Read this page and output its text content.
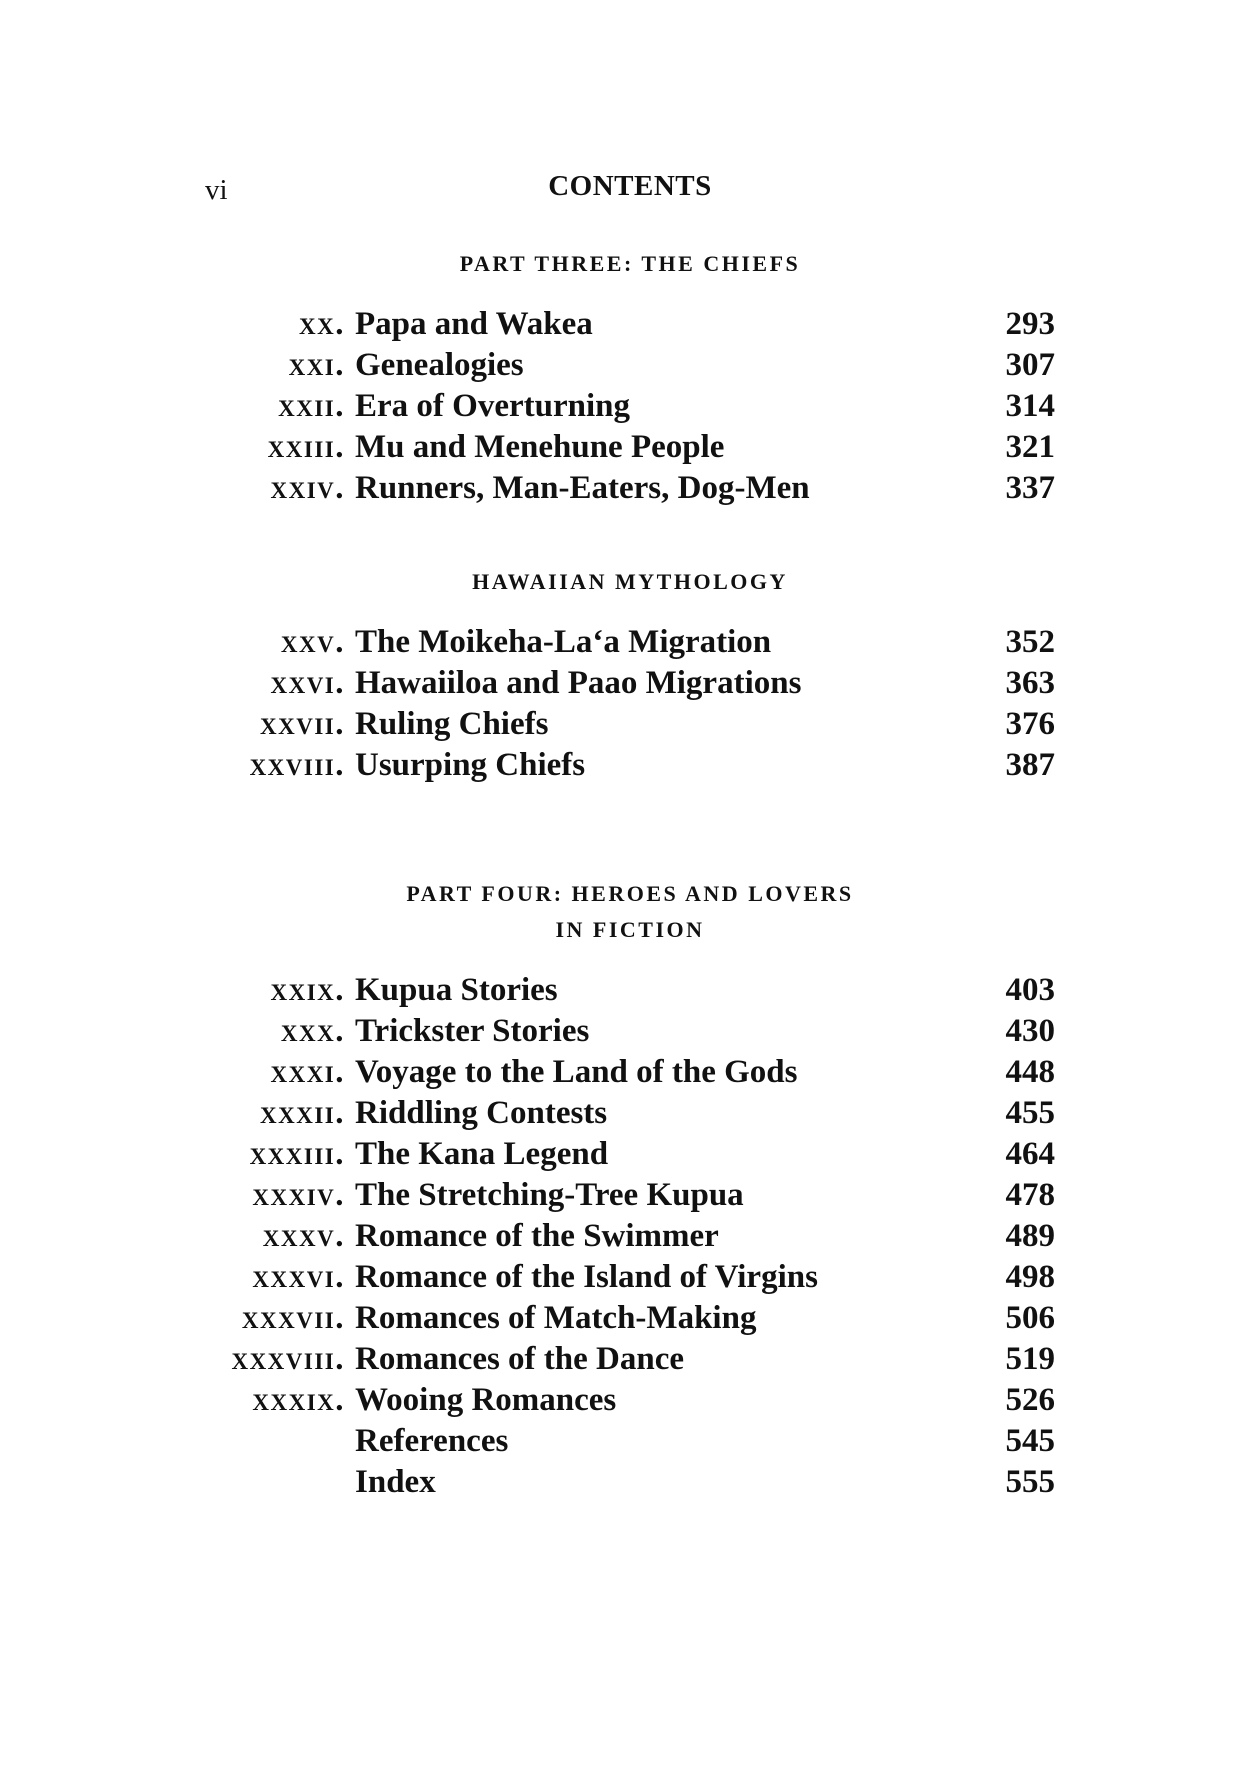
vi	CONTENTS
PART THREE: THE CHIEFS
xx. Papa and Wakea	293
xxi. Genealogies	307
xxii. Era of Overturning	314
xxiii. Mu and Menehune People	321
xxiv. Runners, Man-Eaters, Dog-Men	337
HAWAIIAN MYTHOLOGY
xxv. The Moikeha-La‘a Migration	352
xxvi. Hawaiiloa and Paao Migrations	363
xxvii. Ruling Chiefs	376
xxviii. Usurping Chiefs	387
PART FOUR: HEROES AND LOVERS
IN FICTION
xxix. Kupua Stories	403
xxx. Trickster Stories	430
xxxi. Voyage to the Land of the Gods	448
xxxii. Riddling Contests	455
xxxiii. The Kana Legend	464
xxxiv. The Stretching-Tree Kupua	478
xxxv. Romance of the Swimmer	489
xxxvi. Romance of the Island of Virgins	498
xxxvii. Romances of Match-Making	506
xxxviii. Romances of the Dance	519
xxxix. Wooing Romances	526
References	545
Index	555
